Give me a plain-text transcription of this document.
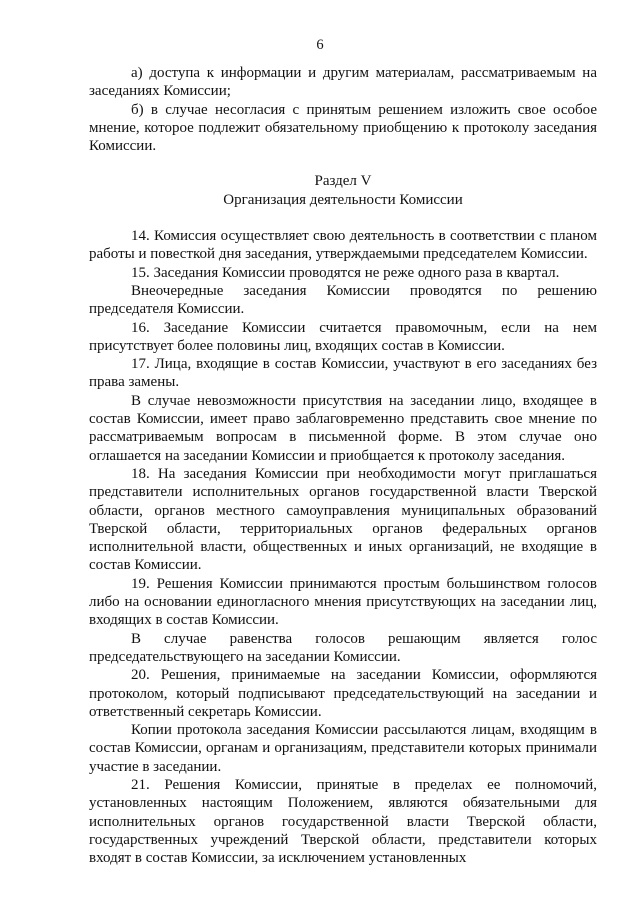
6

а) доступа к информации и другим материалам, рассматриваемым на заседаниях Комиссии;

б) в случае несогласия с принятым решением изложить свое особое мнение, которое подлежит обязательному приобщению к протоколу заседания Комиссии.

Раздел V
Организация деятельности Комиссии

14. Комиссия осуществляет свою деятельность в соответствии с планом работы и повесткой дня заседания, утверждаемыми председателем Комиссии.

15. Заседания Комиссии проводятся не реже одного раза в квартал.

Внеочередные заседания Комиссии проводятся по решению председателя Комиссии.

16. Заседание Комиссии считается правомочным, если на нем присутствует более половины лиц, входящих состав в Комиссии.

17. Лица, входящие в состав Комиссии, участвуют в его заседаниях без права замены.

В случае невозможности присутствия на заседании лицо, входящее в состав Комиссии, имеет право заблаговременно представить свое мнение по рассматриваемым вопросам в письменной форме. В этом случае оно оглашается на заседании Комиссии и приобщается к протоколу заседания.

18. На заседания Комиссии при необходимости могут приглашаться представители исполнительных органов государственной власти Тверской области, органов местного самоуправления муниципальных образований Тверской области, территориальных органов федеральных органов исполнительной власти, общественных и иных организаций, не входящие в состав Комиссии.

19. Решения Комиссии принимаются простым большинством голосов либо на основании единогласного мнения присутствующих на заседании лиц, входящих в состав Комиссии.

В случае равенства голосов решающим является голос председательствующего на заседании Комиссии.

20. Решения, принимаемые на заседании Комиссии, оформляются протоколом, который подписывают председательствующий на заседании и ответственный секретарь Комиссии.

Копии протокола заседания Комиссии рассылаются лицам, входящим в состав Комиссии, органам и организациям, представители которых принимали участие в заседании.

21. Решения Комиссии, принятые в пределах ее полномочий, установленных настоящим Положением, являются обязательными для исполнительных органов государственной власти Тверской области, государственных учреждений Тверской области, представители которых входят в состав Комиссии, за исключением установленных
